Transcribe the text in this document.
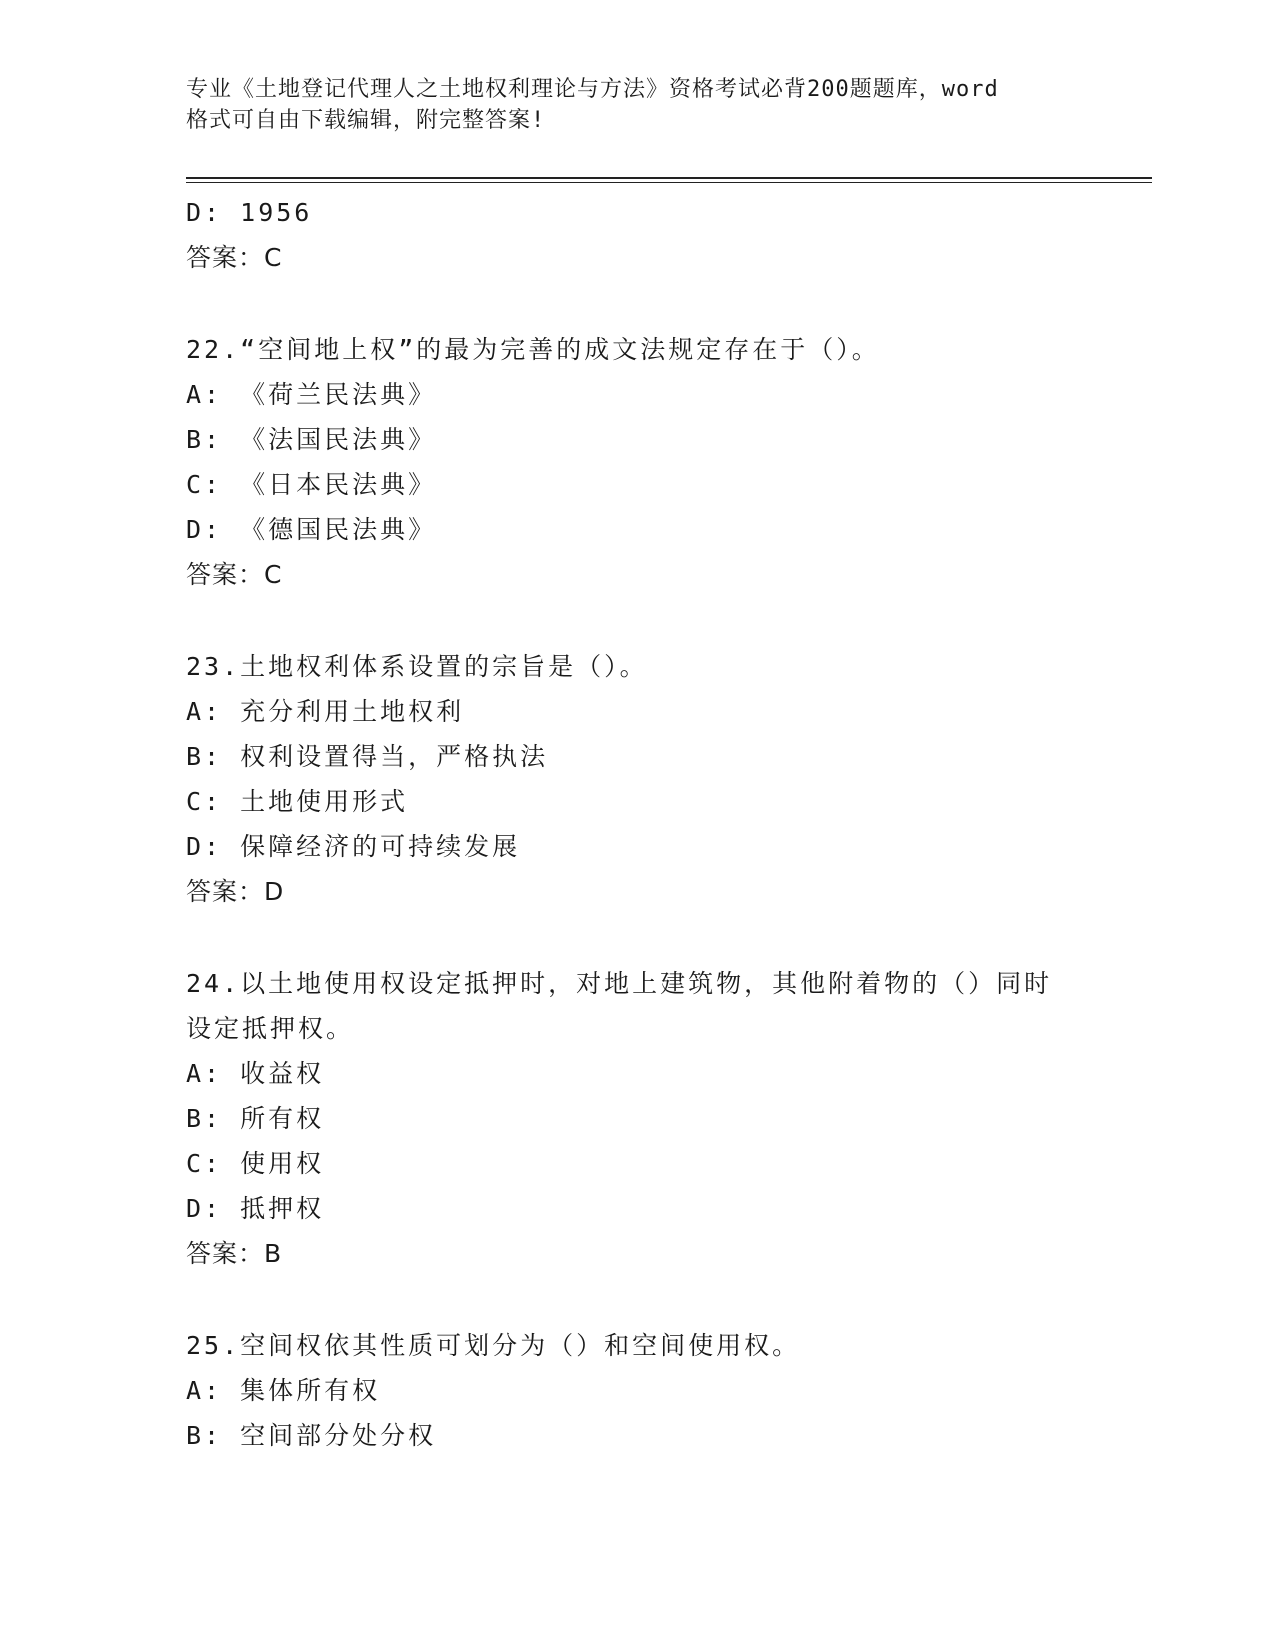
专业《土地登记代理人之土地权利理论与方法》资格考试必背200题题库，word
格式可自由下载编辑，附完整答案!
D: 1956
答案：C
22.“空间地上权”的最为完善的成文法规定存在于（）。
A: 《荷兰民法典》
B: 《法国民法典》
C: 《日本民法典》
D: 《德国民法典》
答案：C
23.土地权利体系设置的宗旨是（）。
A: 充分利用土地权利
B: 权利设置得当，严格执法
C: 土地使用形式
D: 保障经济的可持续发展
答案：D
24.以土地使用权设定抵押时，对地上建筑物，其他附着物的（）同时
设定抵押权。
A: 收益权
B: 所有权
C: 使用权
D: 抵押权
答案：B
25.空间权依其性质可划分为（）和空间使用权。
A: 集体所有权
B: 空间部分处分权
